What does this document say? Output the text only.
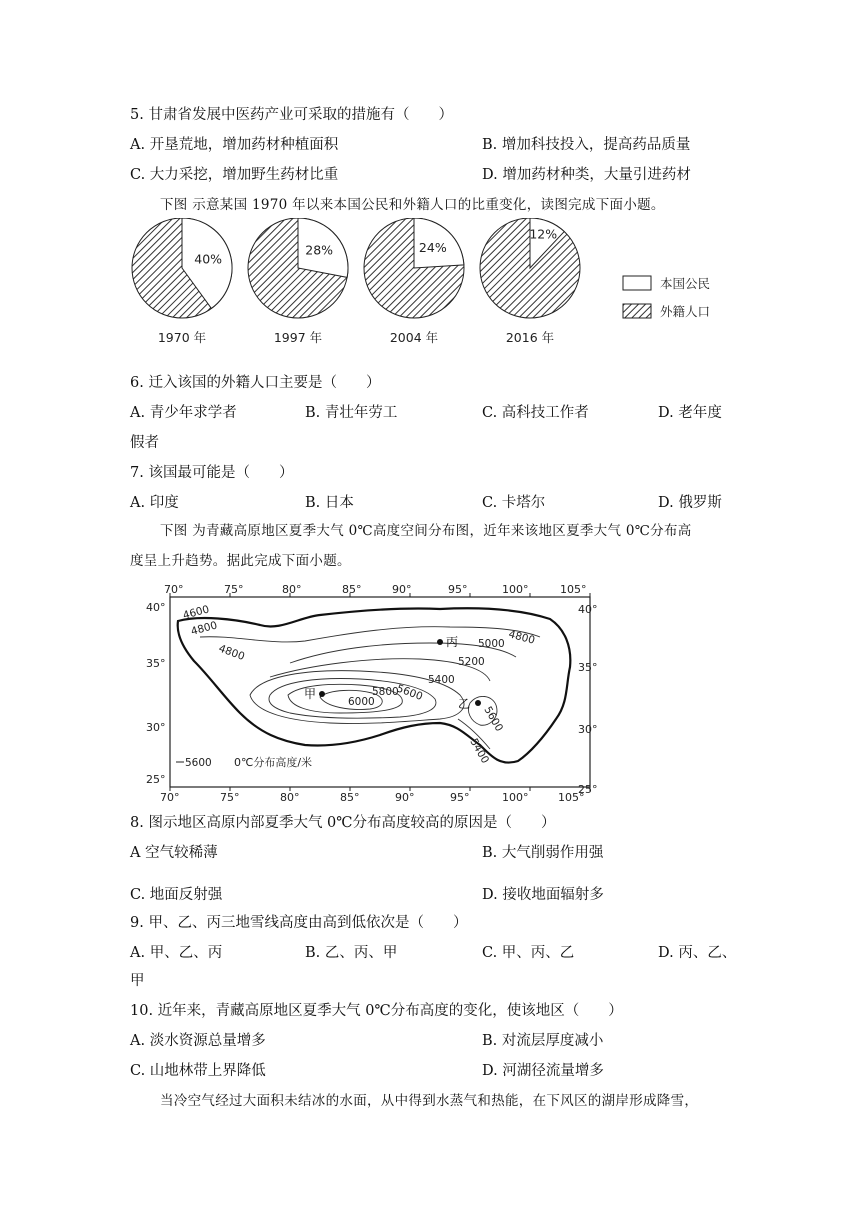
5. 甘肃省发展中医药产业可采取的措施有（　　）
A. 开垦荒地，增加药材种植面积	B. 增加科技投入，提高药品质量
C. 大力采挖，增加野生药材比重	D. 增加药材种类，大量引进药材
下图 示意某国 1970 年以来本国公民和外籍人口的比重变化，读图完成下面小题。
40%
1970 年
28%
1997 年
24%
2004 年
12%
2016 年
本国公民
外籍人口
6. 迁入该国的外籍人口主要是（　　）
A. 青少年求学者	B. 青壮年劳工	C. 高科技工作者	D. 老年度
假者
7. 该国最可能是（　　）
A. 印度	B. 日本	C. 卡塔尔	D. 俄罗斯
下图 为青藏高原地区夏季大气 0℃高度空间分布图，近年来该地区夏季大气 0℃分布高
度呈上升趋势。据此完成下面小题。
70°	75°	80°	85°	90°	95°	100°	105°
70°	75°	80°	85°	90°	95°	100°	105°
40°
35°
30°
25°
40°
35°
30°
25°
4600
4800
4800
4800
5000
5200
5400
5400
5600
5600
5800
6000
丙
甲
乙
5600 0℃分布高度/米
8. 图示地区高原内部夏季大气 0℃分布高度较高的原因是（　　）
A 空气较稀薄	B. 大气削弱作用强
C. 地面反射强	D. 接收地面辐射多
9. 甲、乙、丙三地雪线高度由高到低依次是（　　）
A. 甲、乙、丙	B. 乙、丙、甲	C. 甲、丙、乙	D. 丙、乙、
甲
10. 近年来，青藏高原地区夏季大气 0℃分布高度的变化，使该地区（　　）
A. 淡水资源总量增多	B. 对流层厚度减小
C. 山地林带上界降低	D. 河湖径流量增多
当冷空气经过大面积未结冰的水面，从中得到水蒸气和热能，在下风区的湖岸形成降雪，
